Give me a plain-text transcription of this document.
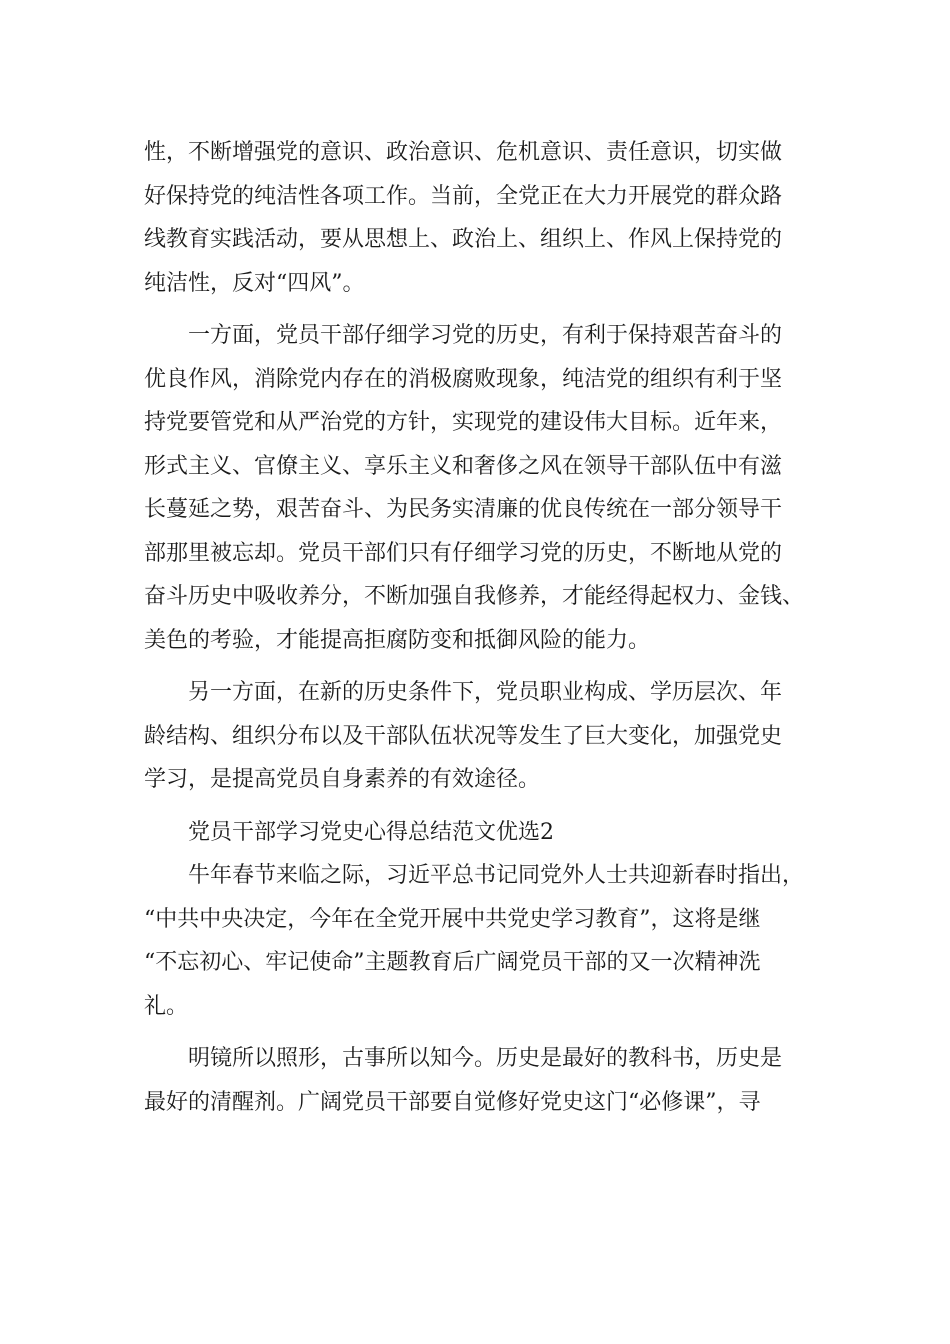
性，不断增强党的意识、政治意识、危机意识、责任意识，切实做
好保持党的纯洁性各项工作。当前，全党正在大力开展党的群众路
线教育实践活动，要从思想上、政治上、组织上、作风上保持党的
纯洁性，反对“四风”。
　　一方面，党员干部仔细学习党的历史，有利于保持艰苦奋斗的
优良作风，消除党内存在的消极腐败现象，纯洁党的组织有利于坚
持党要管党和从严治党的方针，实现党的建设伟大目标。近年来，
形式主义、官僚主义、享乐主义和奢侈之风在领导干部队伍中有滋
长蔓延之势，艰苦奋斗、为民务实清廉的优良传统在一部分领导干
部那里被忘却。党员干部们只有仔细学习党的历史，不断地从党的
奋斗历史中吸收养分，不断加强自我修养，才能经得起权力、金钱、
美色的考验，才能提高拒腐防变和抵御风险的能力。
　　另一方面，在新的历史条件下，党员职业构成、学历层次、年
龄结构、组织分布以及干部队伍状况等发生了巨大变化，加强党史
学习，是提高党员自身素养的有效途径。
　　党员干部学习党史心得总结范文优选2
　　牛年春节来临之际，习近平总书记同党外人士共迎新春时指出，
“中共中央决定，今年在全党开展中共党史学习教育”，这将是继
“不忘初心、牢记使命”主题教育后广阔党员干部的又一次精神洗
礼。
　　明镜所以照形，古事所以知今。历史是最好的教科书，历史是
最好的清醒剂。广阔党员干部要自觉修好党史这门“必修课”，寻
